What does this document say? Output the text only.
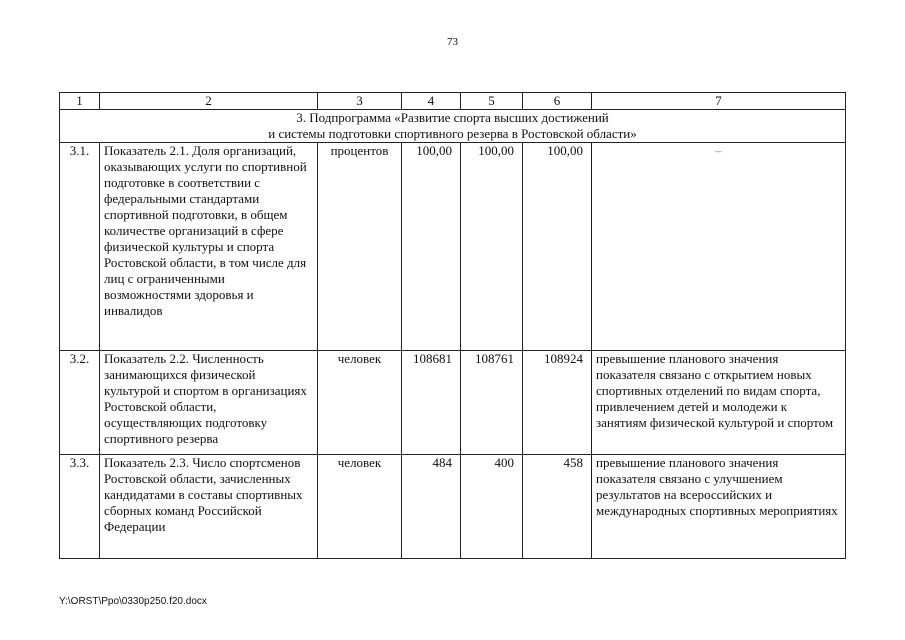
73
1	2	3	4	5	6	7

3. Подпрограмма «Развитие спорта высших достижений
и системы подготовки спортивного резерва в Ростовской области»						

3.1.	Показатель 2.1. Доля организаций, оказывающих услуги по спортивной подготовке в соответствии с федеральными стандартами спортивной подготовки, в общем количестве организаций в сфере физической культуры и спорта Ростовской области, в том числе для лиц с ограниченными возможностями здоровья и инвалидов	процентов	100,00	100,00	100,00	–
3.2.	Показатель 2.2. Численность занимающихся физической культурой и спортом в организациях Ростовской области, осуществляющих подготовку спортивного резерва	человек	108681	108761	108924	превышение планового значения показателя связано с открытием новых спортивных отделений по видам спорта, привлечением детей и молодежи к занятиям физической культурой и спортом
3.3.	Показатель 2.3. Число спортсменов Ростовской области, зачисленных кандидатами в составы спортивных сборных команд Российской Федерации	человек	484	400	458	превышение планового значения показателя связано с улучшением результатов на всероссийских и международных спортивных мероприятиях
Y:\ORST\Ppo\0330p250.f20.docx
